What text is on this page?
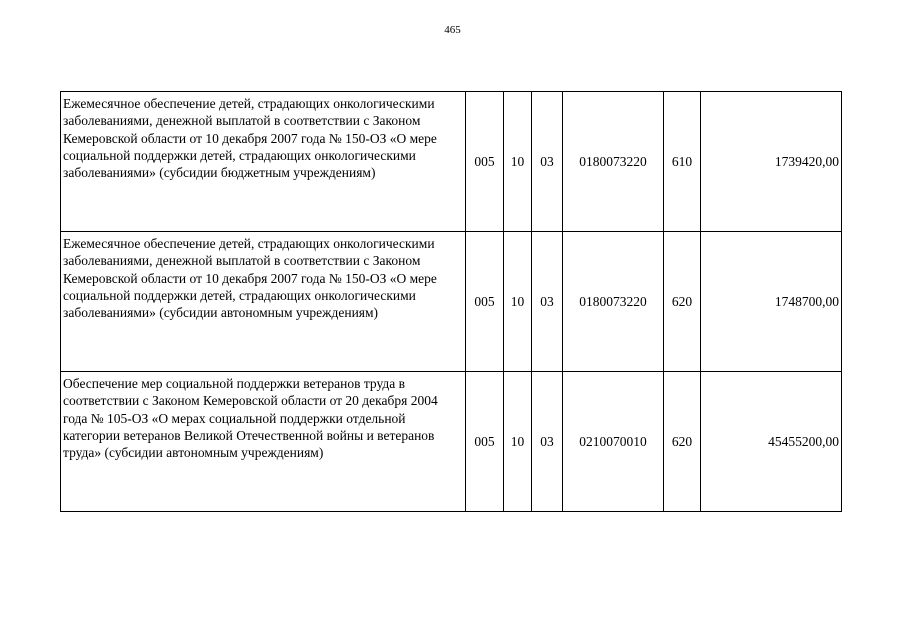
465
Ежемесячное обеспечение детей, страдающих онкологическими заболеваниями, денежной выплатой в соответствии с Законом Кемеровской области от 10 декабря 2007 года № 150-ОЗ «О мере социальной поддержки детей, страдающих онкологическими заболеваниями» (субсидии бюджетным учреждениям)	005	10	03	0180073220	610	1739420,00
Ежемесячное обеспечение детей, страдающих онкологическими заболеваниями, денежной выплатой в соответствии с Законом Кемеровской области от 10 декабря 2007 года № 150-ОЗ «О мере социальной поддержки детей, страдающих онкологическими заболеваниями» (субсидии автономным учреждениям)	005	10	03	0180073220	620	1748700,00
Обеспечение мер социальной поддержки ветеранов труда в соответствии с Законом Кемеровской области от 20 декабря 2004 года № 105-ОЗ «О мерах социальной поддержки отдельной категории ветеранов Великой Отечественной войны и ветеранов труда» (субсидии автономным учреждениям)	005	10	03	0210070010	620	45455200,00
